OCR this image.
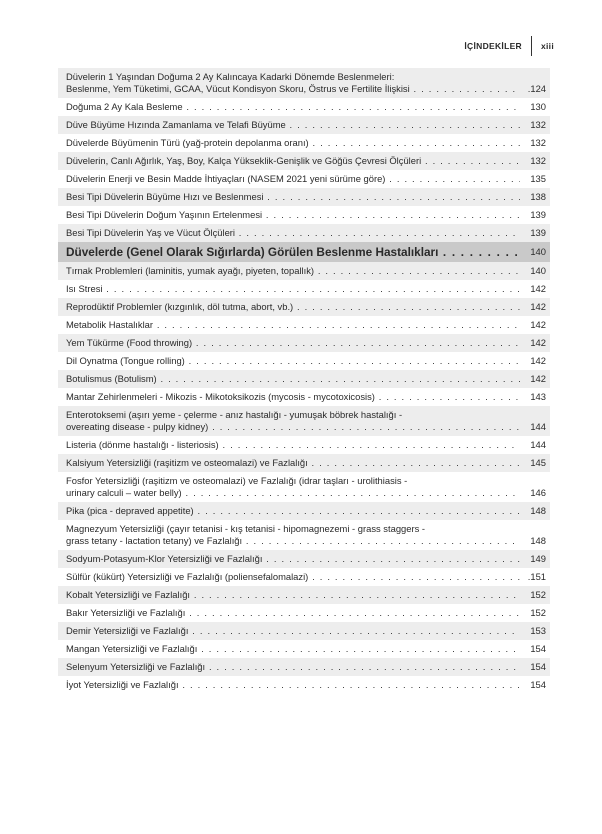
İÇİNDEKİLER xiii
Düvelerin 1 Yaşından Doğuma 2 Ay Kalıncaya Kadarki Dönemde Beslenmeleri:
Beslenme, Yem Tüketimi, GCAA, Vücut Kondisyon Skoru, Östrus ve Fertilite İlişkisi . . .	.124
Doğuma 2 Ay Kala Besleme . . .	130
Düve Büyüme Hızında Zamanlama ve Telafi Büyüme . . .	132
Düvelerde Büyümenin Türü (yağ-protein depolanma oranı) . . .	132
Düvelerin, Canlı Ağırlık, Yaş, Boy, Kalça Yükseklik-Genişlik ve Göğüs Çevresi Ölçüleri . . .	132
Düvelerin Enerji ve Besin Madde İhtiyaçları (NASEM 2021 yeni sürüme göre) . . .	135
Besi Tipi Düvelerin Büyüme Hızı ve Beslenmesi . . .	138
Besi Tipi Düvelerin Doğum Yaşının Ertelenmesi . . .	139
Besi Tipi Düvelerin Yaş ve Vücut Ölçüleri . . .	139
Düvelerde (Genel Olarak Sığırlarda) Görülen Beslenme Hastalıkları . . .	140
Tırnak Problemleri (laminitis, yumak ayağı, piyeten, topallık) . . .	140
Isı Stresi . . .	142
Reprodüktif Problemler (kızgınlık, döl tutma, abort, vb.) . . .	142
Metabolik Hastalıklar . . .	142
Yem Tükürme (Food throwing) . . .	142
Dil Oynatma (Tongue rolling) . . .	142
Botulismus (Botulism) . . .	142
Mantar Zehirlenmeleri - Mikozis - Mikotoksikozis (mycosis - mycotoxicosis) . . .	143
Enterotoksemi (aşırı yeme - çelerme - anız hastalığı - yumuşak böbrek hastalığı -
overeating disease - pulpy kidney) . . .	144
Listeria (dönme hastalığı - listeriosis) . . .	144
Kalsiyum Yetersizliği (raşitizm ve osteomalazi) ve Fazlalığı . . .	145
Fosfor Yetersizliği (raşitizm ve osteomalazi) ve Fazlalığı (idrar taşları - urolithiasis -
urinary calculi – water belly) . . .	146
Pika (pica - depraved appetite) . . .	148
Magnezyum Yetersizliği (çayır tetanisi - kış tetanisi - hipomagnezemi - grass staggers -
grass tetany - lactation tetany) ve Fazlalığı . . .	148
Sodyum-Potasyum-Klor Yetersizliği ve Fazlalığı . . .	149
Sülfür (kükürt) Yetersizliği ve Fazlalığı (poliensefalomalazi) . . .	.151
Kobalt Yetersizliği ve Fazlalığı . . .	152
Bakır Yetersizliği ve Fazlalığı . . .	152
Demir Yetersizliği ve Fazlalığı . . .	153
Mangan Yetersizliği ve Fazlalığı . . .	154
Selenyum Yetersizliği ve Fazlalığı . . .	154
İyot Yetersizliği ve Fazlalığı . . .	154
